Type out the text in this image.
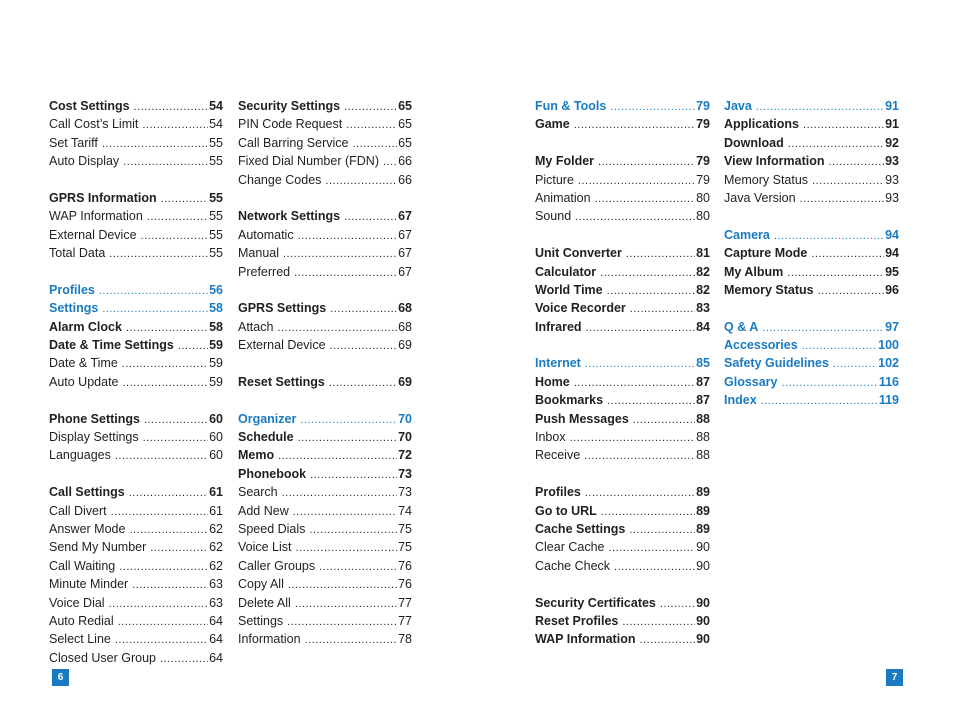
Cost Settings .....	54
Call Cost’s Limit .....	54
Set Tariff .....	55
Auto Display .....	55
GPRS Information .....	55
WAP Information .....	55
External Device .....	55
Total Data .....	55
Profiles .....	56
Settings .....	58
Alarm Clock .....	58
Date & Time Settings .....	59
Date & Time .....	59
Auto Update .....	59
Phone Settings .....	60
Display Settings .....	60
Languages .....	60
Call Settings .....	61
Call Divert .....	61
Answer Mode .....	62
Send My Number .....	62
Call Waiting .....	62
Minute Minder .....	63
Voice Dial .....	63
Auto Redial .....	64
Select Line .....	64
Closed User Group .....	64
Security Settings .....	65
PIN Code Request .....	65
Call Barring Service .....	65
Fixed Dial Number (FDN) ..... 66
Change Codes .....	66
Network Settings .....	67
Automatic .....	67
Manual .....	67
Preferred .....	67
GPRS Settings .....	68
Attach .....	68
External Device .....	69
Reset Settings .....	69
Organizer .....	70
Schedule .....	70
Memo .....	72
Phonebook .....	73
Search .....	73
Add New .....	74
Speed Dials .....	75
Voice List .....	75
Caller Groups .....	76
Copy All .....	76
Delete All .....	77
Settings .....	77
Information .....	78
Fun & Tools .....	79
Game .....	79
My Folder .....	79
Picture .....	79
Animation .....	80
Sound .....	80
Unit Converter .....	81
Calculator .....	82
World Time .....	82
Voice Recorder .....	83
Infrared .....	84
Internet .....	85
Home .....	87
Bookmarks .....	87
Push Messages .....	88
Inbox .....	88
Receive .....	88
Profiles .....	89
Go to URL .....	89
Cache Settings .....	89
Clear Cache .....	90
Cache Check .....	90
Security Certificates .....	90
Reset Profiles .....	90
WAP Information .....	90
Java .....	91
Applications .....	91
Download .....	92
View Information .....	93
Memory Status .....	93
Java Version .....	93
Camera .....	94
Capture Mode .....	94
My Album .....	95
Memory Status .....	96
Q & A .....	97
Accessories .....	100
Safety Guidelines .....	102
Glossary .....	116
Index .....	119
6	7
